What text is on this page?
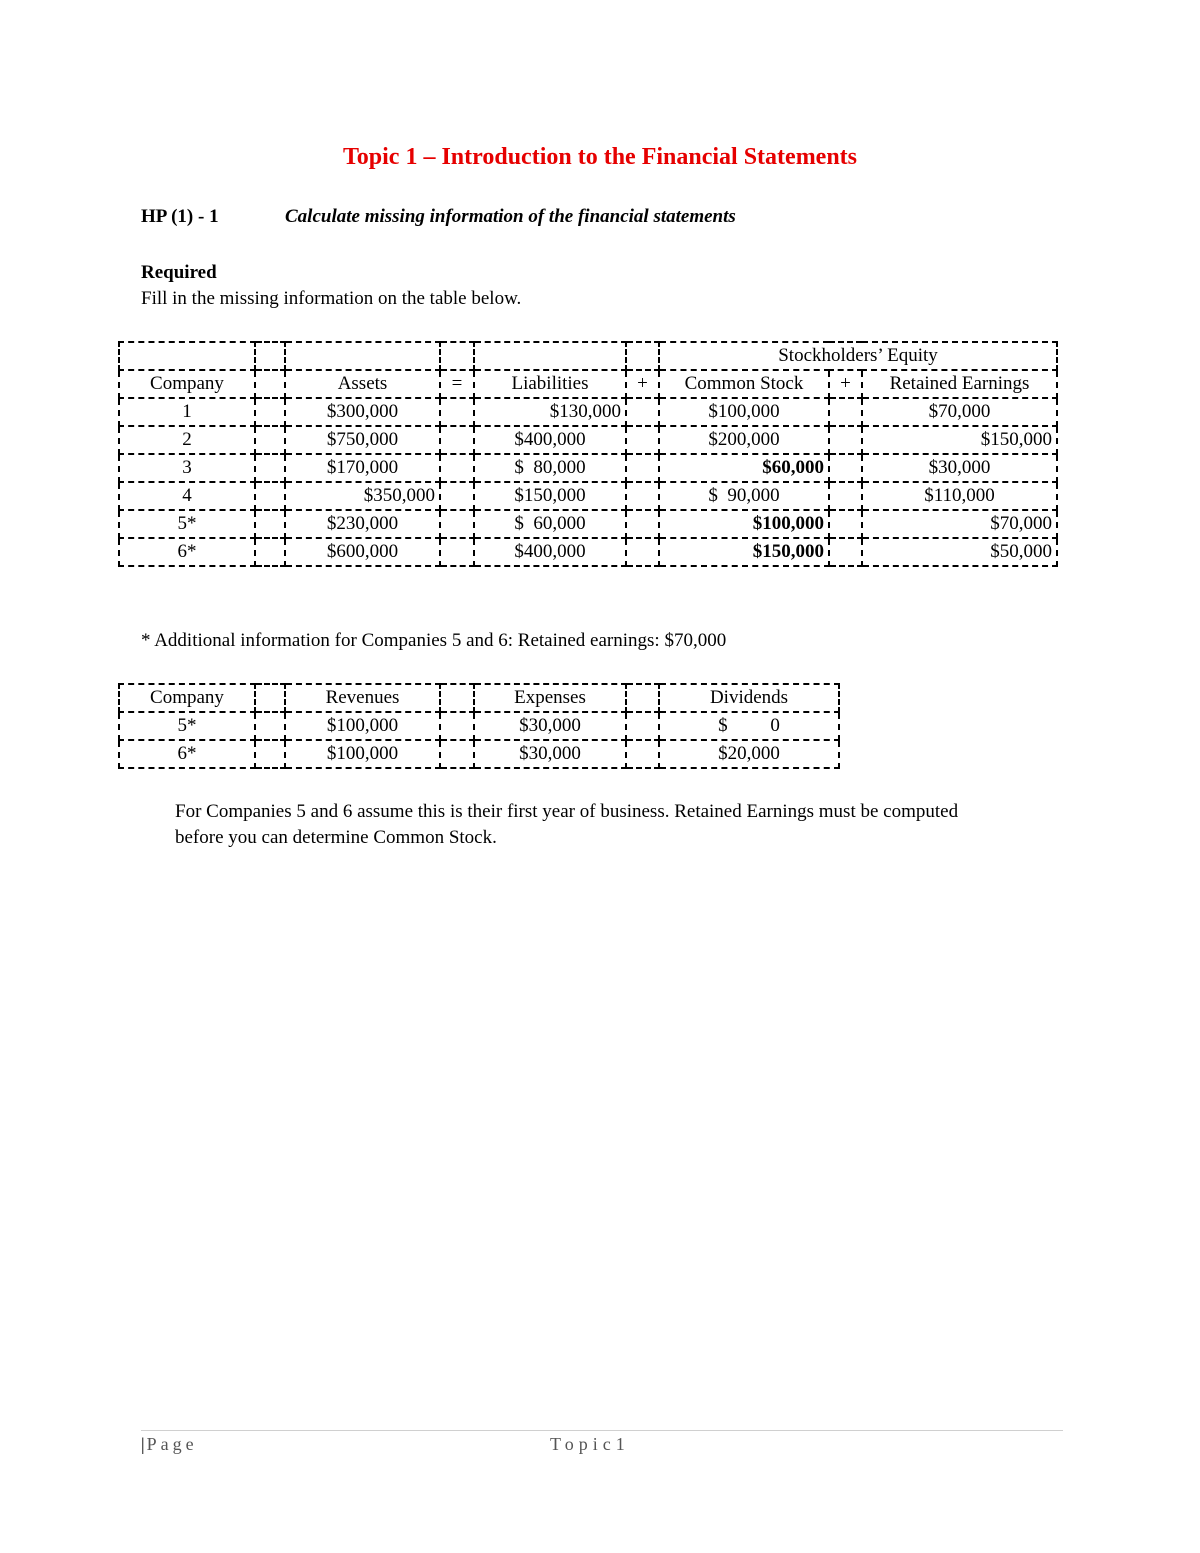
Topic 1 – Introduction to the Financial Statements
HP (1) - 1	Calculate missing information of the financial statements
Required
Fill in the missing information on the table below.
						Stockholders’ Equity		
Company		Assets	=	Liabilities	+	Common Stock	+	Retained Earnings
1		$300,000		$130,000		$100,000		$70,000
2		$750,000		$400,000		$200,000		$150,000
3		$170,000		$  80,000		$60,000		$30,000
4		$350,000		$150,000		$  90,000		$110,000
5*		$230,000		$  60,000		$100,000		$70,000
6*		$600,000		$400,000		$150,000		$50,000
* Additional information for Companies 5 and 6: Retained earnings: $70,000
Company		Revenues		Expenses		Dividends
5*		$100,000		$30,000		$         0
6*		$100,000		$30,000		$20,000
For Companies 5 and 6 assume this is their first year of business. Retained Earnings must be computed before you can determine Common Stock.
| Page	Topic1
